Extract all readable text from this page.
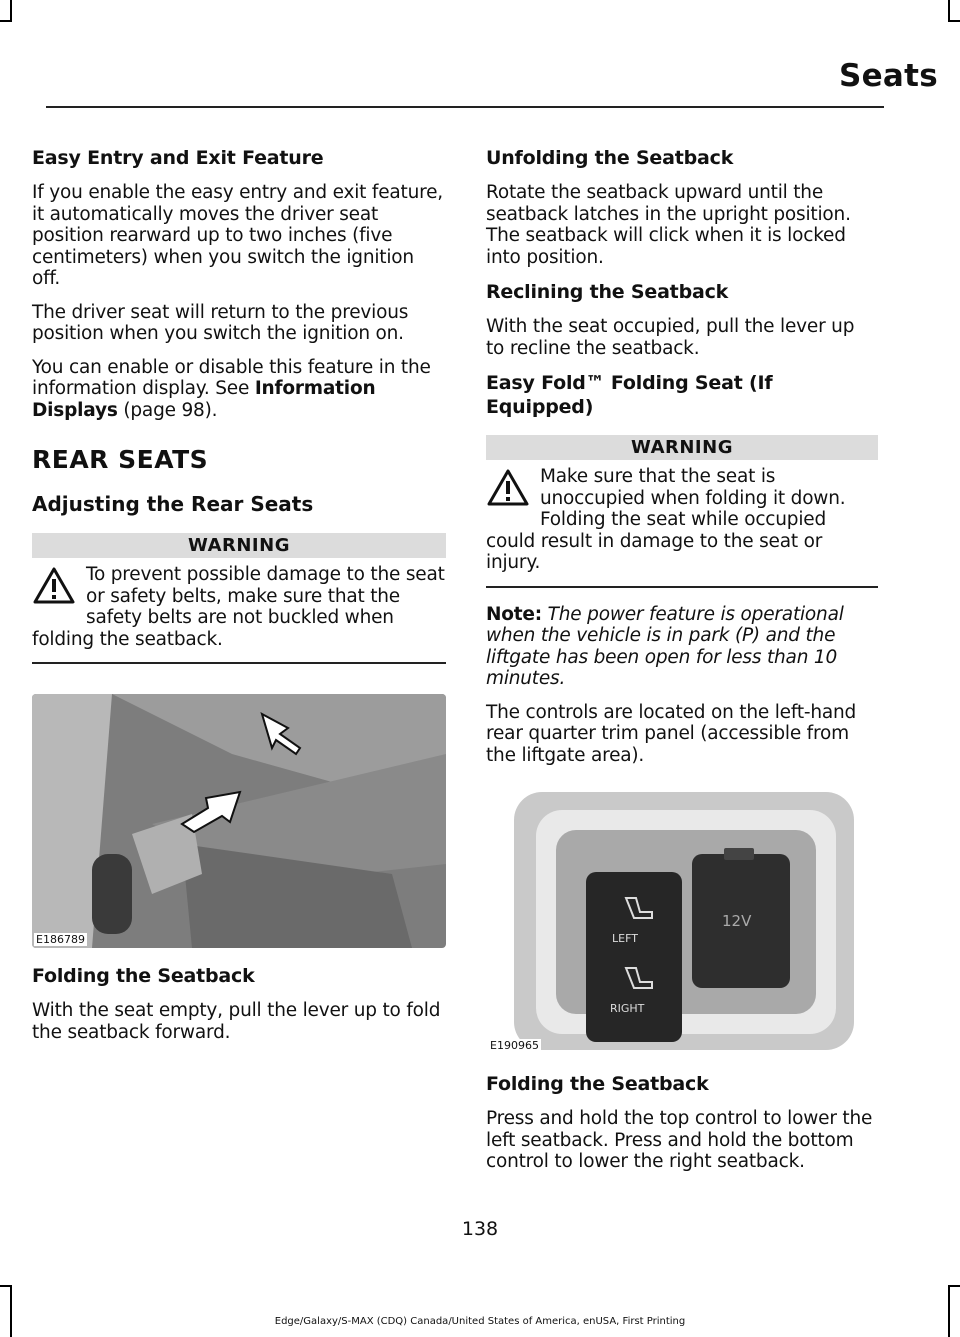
Seats
Easy Entry and Exit Feature

If you enable the easy entry and exit feature, it automatically moves the driver seat position rearward up to two inches (five centimeters) when you switch the ignition off.

The driver seat will return to the previous position when you switch the ignition on.

You can enable or disable this feature in the information display. See Information Displays (page 98).

REAR SEATS
Adjusting the Rear Seats
WARNING

To prevent possible damage to the seat or safety belts, make sure that the safety belts are not buckled when folding the seatback.

E186789
Folding the Seatback

With the seat empty, pull the lever up to fold the seatback forward.

Unfolding the Seatback

Rotate the seatback upward until the seatback latches in the upright position. The seatback will click when it is locked into position.

Reclining the Seatback

With the seat occupied, pull the lever up to recline the seatback.

Easy Fold™ Folding Seat (If Equipped)
WARNING

Make sure that the seat is unoccupied when folding it down. Folding the seat while occupied could result in damage to the seat or injury.

Note: The power feature is operational when the vehicle is in park (P) and the liftgate has been open for less than 10 minutes.

The controls are located on the left-hand rear quarter trim panel (accessible from the liftgate area).

LEFT
RIGHT
12V
E190965
Folding the Seatback

Press and hold the top control to lower the left seatback. Press and hold the bottom control to lower the right seatback.

138
Edge/Galaxy/S-MAX (CDQ) Canada/United States of America, enUSA, First Printing
